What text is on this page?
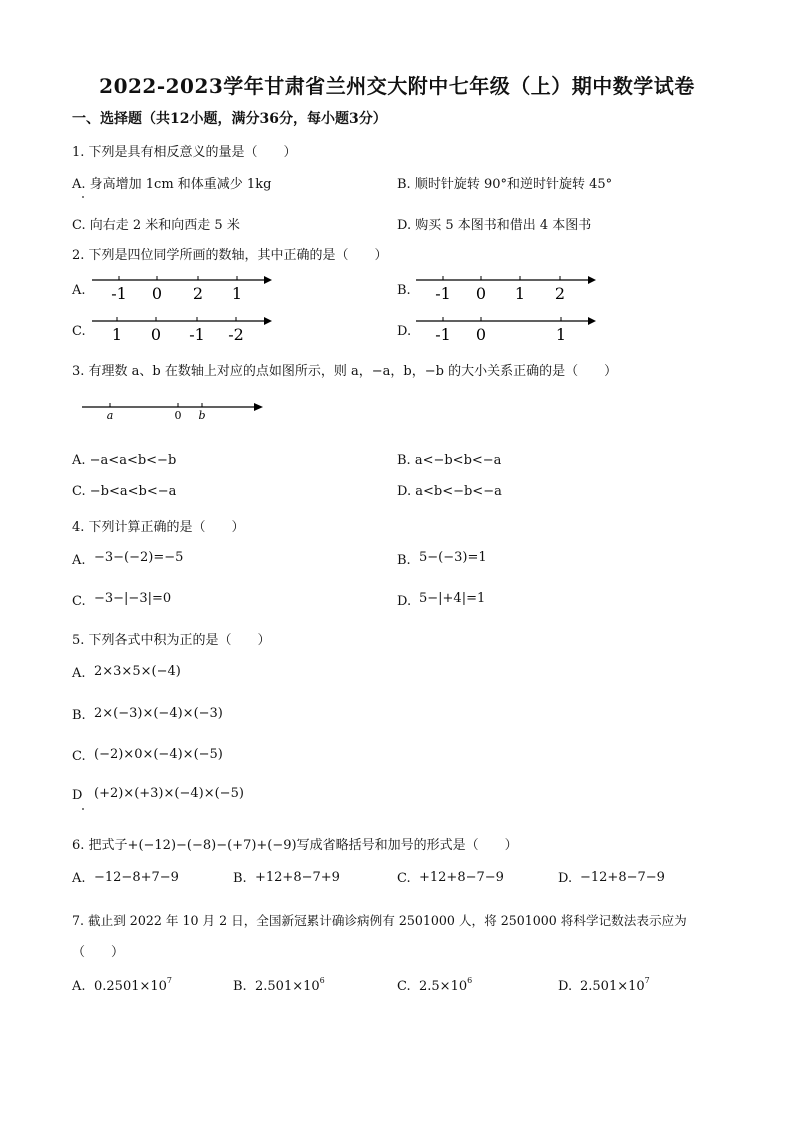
2022-2023学年甘肃省兰州交大附中七年级（上）期中数学试卷
一、选择题（共12小题，满分36分，每小题3分）
1. 下列是具有相反意义的量是（　　）
A. 身高增加 1cm 和体重减少 1kg	B. 顺时针旋转 90°和逆时针旋转 45°
C. 向右走 2 米和向西走 5 米	D. 购买 5 本图书和借出 4 本图书
2. 下列是四位同学所画的数轴，其中正确的是（　　）
A. -1 0 2 1	B. -1 0 1 2
C. 1 0 -1 -2	D. -1 0	1
3. 有理数 a、b 在数轴上对应的点如图所示，则 a，−a，b，−b 的大小关系正确的是（　　）
a	0 b
A. −a<a<b<−b	B. a<−b<b<−a
C. −b<a<b<−a	D. a<b<−b<−a
4. 下列计算正确的是（　　）
A. −3−(−2)=−5	B. 5−(−3)=1
C. −3−|−3|=0	D. 5−|+4|=1
5. 下列各式中积为正的是（　　）
A. 2×3×5×(−4)
B. 2×(−3)×(−4)×(−3)
C. (−2)×0×(−4)×(−5)
D (+2)×(+3)×(−4)×(−5)
6. 把式子+(−12)−(−8)−(+7)+(−9)写成省略括号和加号的形式是（　　）
A. −12−8+7−9	B. +12+8−7+9	C. +12+8−7−9	D. −12+8−7−9
7. 截止到 2022 年 10 月 2 日，全国新冠累计确诊病例有 2501000 人，将 2501000 将科学记数法表示应为
（　　）
A. $0.2501\times 10^7$	B. $2.501\times 10^6$	C. $2.5\times 10^6$	D. $2.501\times 10^7$
